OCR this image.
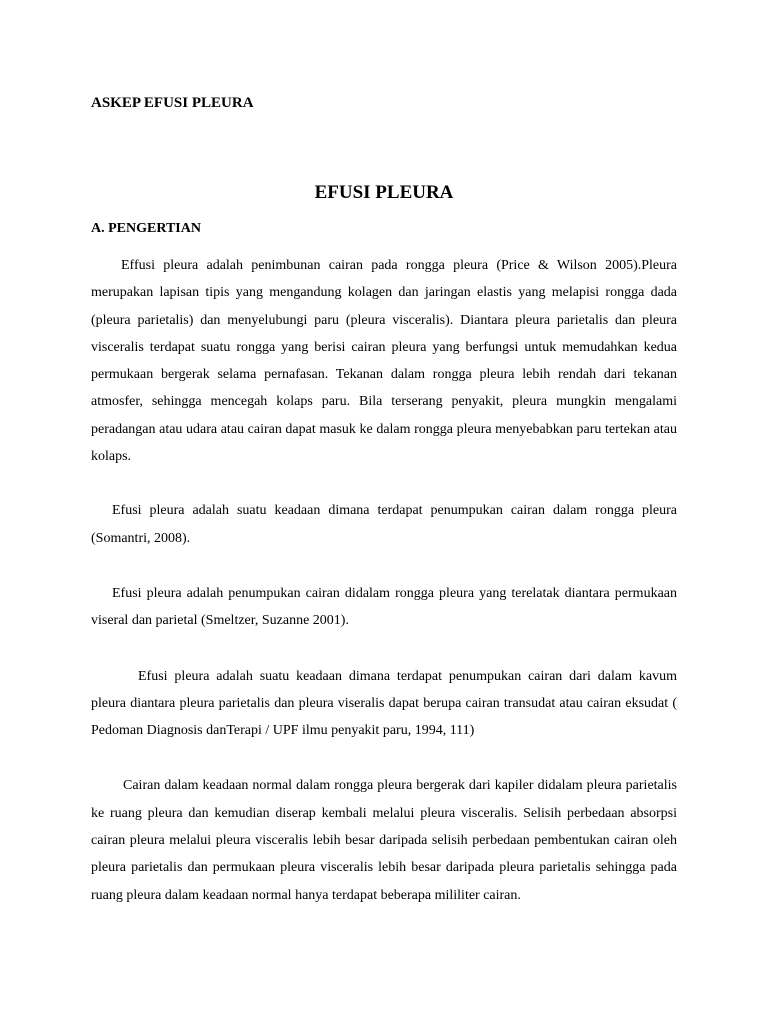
ASKEP EFUSI PLEURA
EFUSI PLEURA
A. PENGERTIAN

Effusi pleura adalah penimbunan cairan pada rongga pleura (Price & Wilson 2005).Pleura merupakan lapisan tipis yang mengandung kolagen dan jaringan elastis yang melapisi rongga dada (pleura parietalis) dan menyelubungi paru (pleura visceralis). Diantara pleura parietalis dan pleura visceralis terdapat suatu rongga yang berisi cairan pleura yang berfungsi untuk memudahkan kedua permukaan bergerak selama pernafasan. Tekanan dalam rongga pleura lebih rendah dari tekanan atmosfer, sehingga mencegah kolaps paru. Bila terserang penyakit, pleura mungkin mengalami peradangan atau udara atau cairan dapat masuk ke dalam rongga pleura menyebabkan paru tertekan atau kolaps.

Efusi pleura adalah suatu keadaan dimana terdapat penumpukan cairan dalam rongga pleura (Somantri, 2008).

Efusi pleura adalah penumpukan cairan didalam rongga pleura yang terelatak diantara permukaan viseral dan parietal (Smeltzer, Suzanne 2001).

Efusi pleura adalah suatu keadaan dimana terdapat penumpukan cairan dari dalam kavum pleura diantara pleura parietalis dan pleura viseralis dapat berupa cairan transudat atau cairan eksudat ( Pedoman Diagnosis danTerapi / UPF ilmu penyakit paru, 1994, 111)

Cairan dalam keadaan normal dalam rongga pleura bergerak dari kapiler didalam pleura parietalis ke ruang pleura dan kemudian diserap kembali melalui pleura visceralis. Selisih perbedaan absorpsi cairan pleura melalui pleura visceralis lebih besar daripada selisih perbedaan pembentukan cairan oleh pleura parietalis dan permukaan pleura visceralis lebih besar daripada pleura parietalis sehingga pada ruang pleura dalam keadaan normal hanya terdapat beberapa mililiter cairan.
